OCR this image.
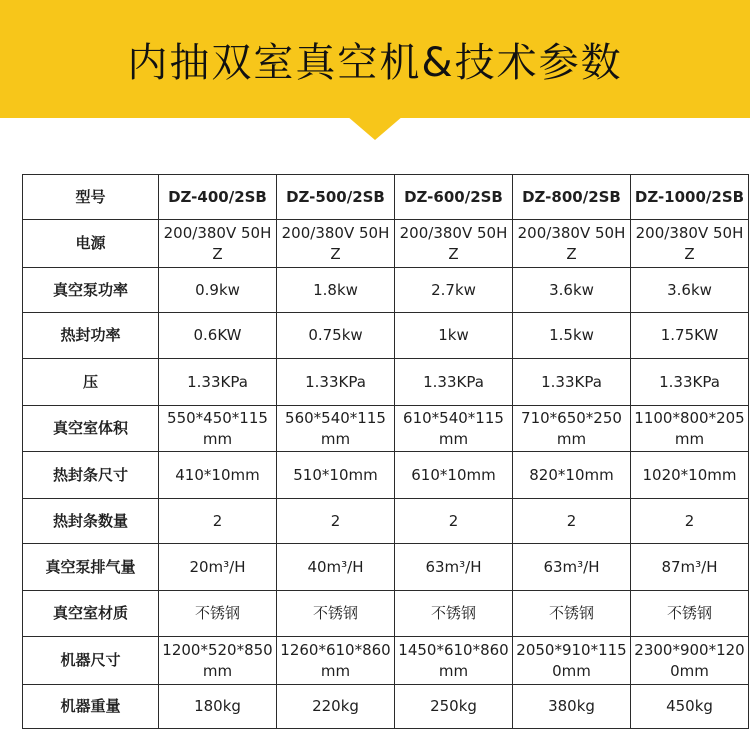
内抽双室真空机&技术参数
型号	DZ-400/2SB	DZ-500/2SB	DZ-600/2SB	DZ-800/2SB	DZ-1000/2SB
电源	200/380V 50HZ	200/380V 50HZ	200/380V 50HZ	200/380V 50HZ	200/380V 50HZ
真空泵功率	0.9kw	1.8kw	2.7kw	3.6kw	3.6kw
热封功率	0.6KW	0.75kw	1kw	1.5kw	1.75KW
压	1.33KPa	1.33KPa	1.33KPa	1.33KPa	1.33KPa
真空室体积	550*450*115mm	560*540*115mm	610*540*115mm	710*650*250mm	1100*800*205mm
热封条尺寸	410*10mm	510*10mm	610*10mm	820*10mm	1020*10mm
热封条数量	2	2	2	2	2
真空泵排气量	20m³/H	40m³/H	63m³/H	63m³/H	87m³/H
真空室材质	不锈钢	不锈钢	不锈钢	不锈钢	不锈钢
机器尺寸	1200*520*850mm	1260*610*860mm	1450*610*860mm	2050*910*1150mm	2300*900*1200mm
机器重量	180kg	220kg	250kg	380kg	450kg
